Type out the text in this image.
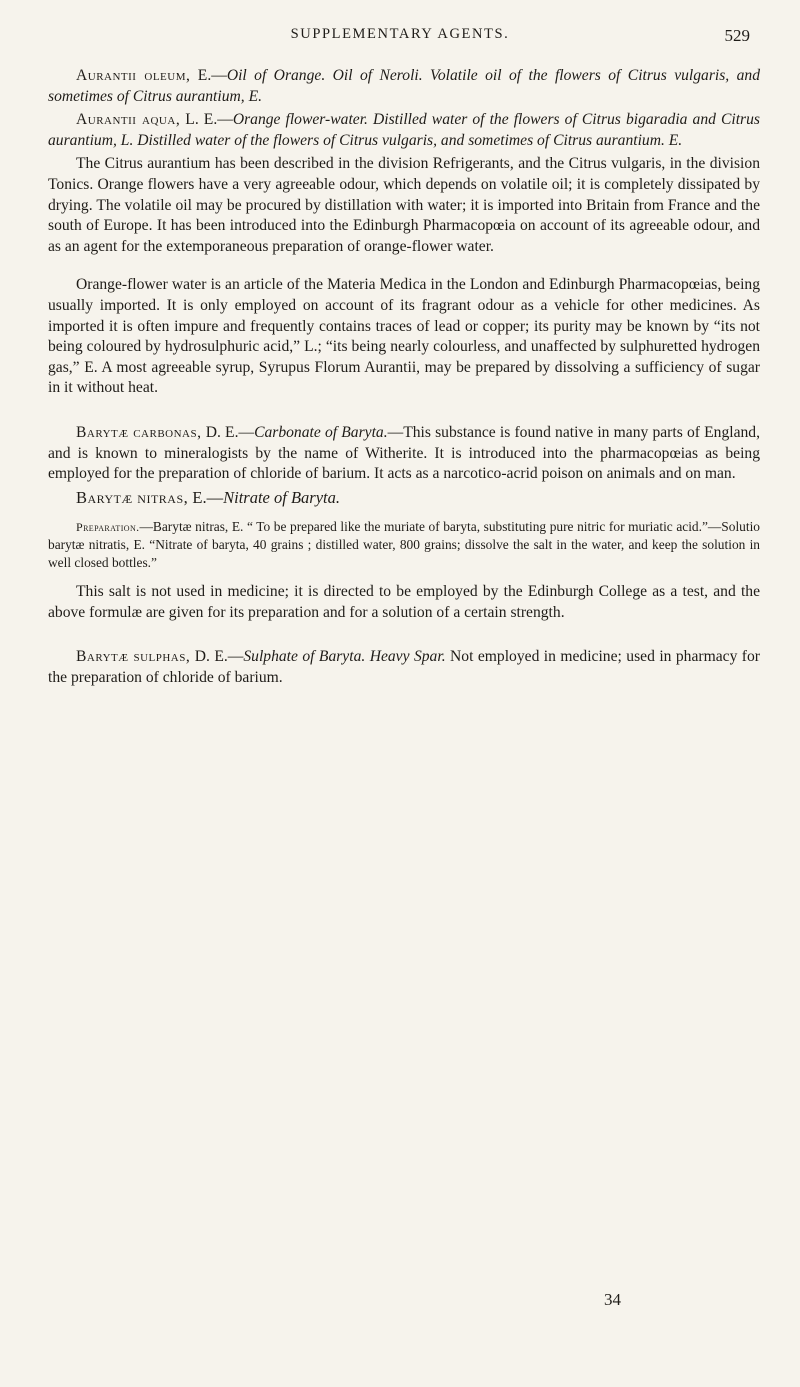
SUPPLEMENTARY AGENTS.	529

Aurantii oleum, E.—Oil of Orange. Oil of Neroli. Volatile oil of the flowers of Citrus vulgaris, and sometimes of Citrus aurantium, E.

Aurantii aqua, L. E.—Orange flower-water. Distilled water of the flowers of Citrus bigaradia and Citrus aurantium, L. Distilled water of the flowers of Citrus vulgaris, and sometimes of Citrus aurantium. E.

The Citrus aurantium has been described in the division Refrigerants, and the Citrus vulgaris, in the division Tonics. Orange flowers have a very agreeable odour, which depends on volatile oil; it is completely dissipated by drying. The volatile oil may be procured by distillation with water; it is imported into Britain from France and the south of Europe. It has been introduced into the Edinburgh Pharmacopœia on account of its agreeable odour, and as an agent for the extemporaneous preparation of orange-flower water.

Orange-flower water is an article of the Materia Medica in the London and Edinburgh Pharmacopœias, being usually imported. It is only employed on account of its fragrant odour as a vehicle for other medicines. As imported it is often impure and frequently contains traces of lead or copper; its purity may be known by “its not being coloured by hydrosulphuric acid,” L.; “its being nearly colourless, and unaffected by sulphuretted hydrogen gas,” E. A most agreeable syrup, Syrupus Florum Aurantii, may be prepared by dissolving a sufficiency of sugar in it without heat.

Barytæ carbonas, D. E.—Carbonate of Baryta.—This substance is found native in many parts of England, and is known to mineralogists by the name of Witherite. It is introduced into the pharmacopœias as being employed for the preparation of chloride of barium. It acts as a narcotico-acrid poison on animals and on man.

Barytæ nitras, E.—Nitrate of Baryta.

Preparation.—Barytæ nitras, E. “ To be prepared like the muriate of baryta, substituting pure nitric for muriatic acid.”—Solutio barytæ nitratis, E. “Nitrate of baryta, 40 grains ; distilled water, 800 grains; dissolve the salt in the water, and keep the solution in well closed bottles.”

This salt is not used in medicine; it is directed to be employed by the Edinburgh College as a test, and the above formulæ are given for its preparation and for a solution of a certain strength.

Barytæ sulphas, D. E.—Sulphate of Baryta. Heavy Spar. Not employed in medicine; used in pharmacy for the preparation of chloride of barium.

34
